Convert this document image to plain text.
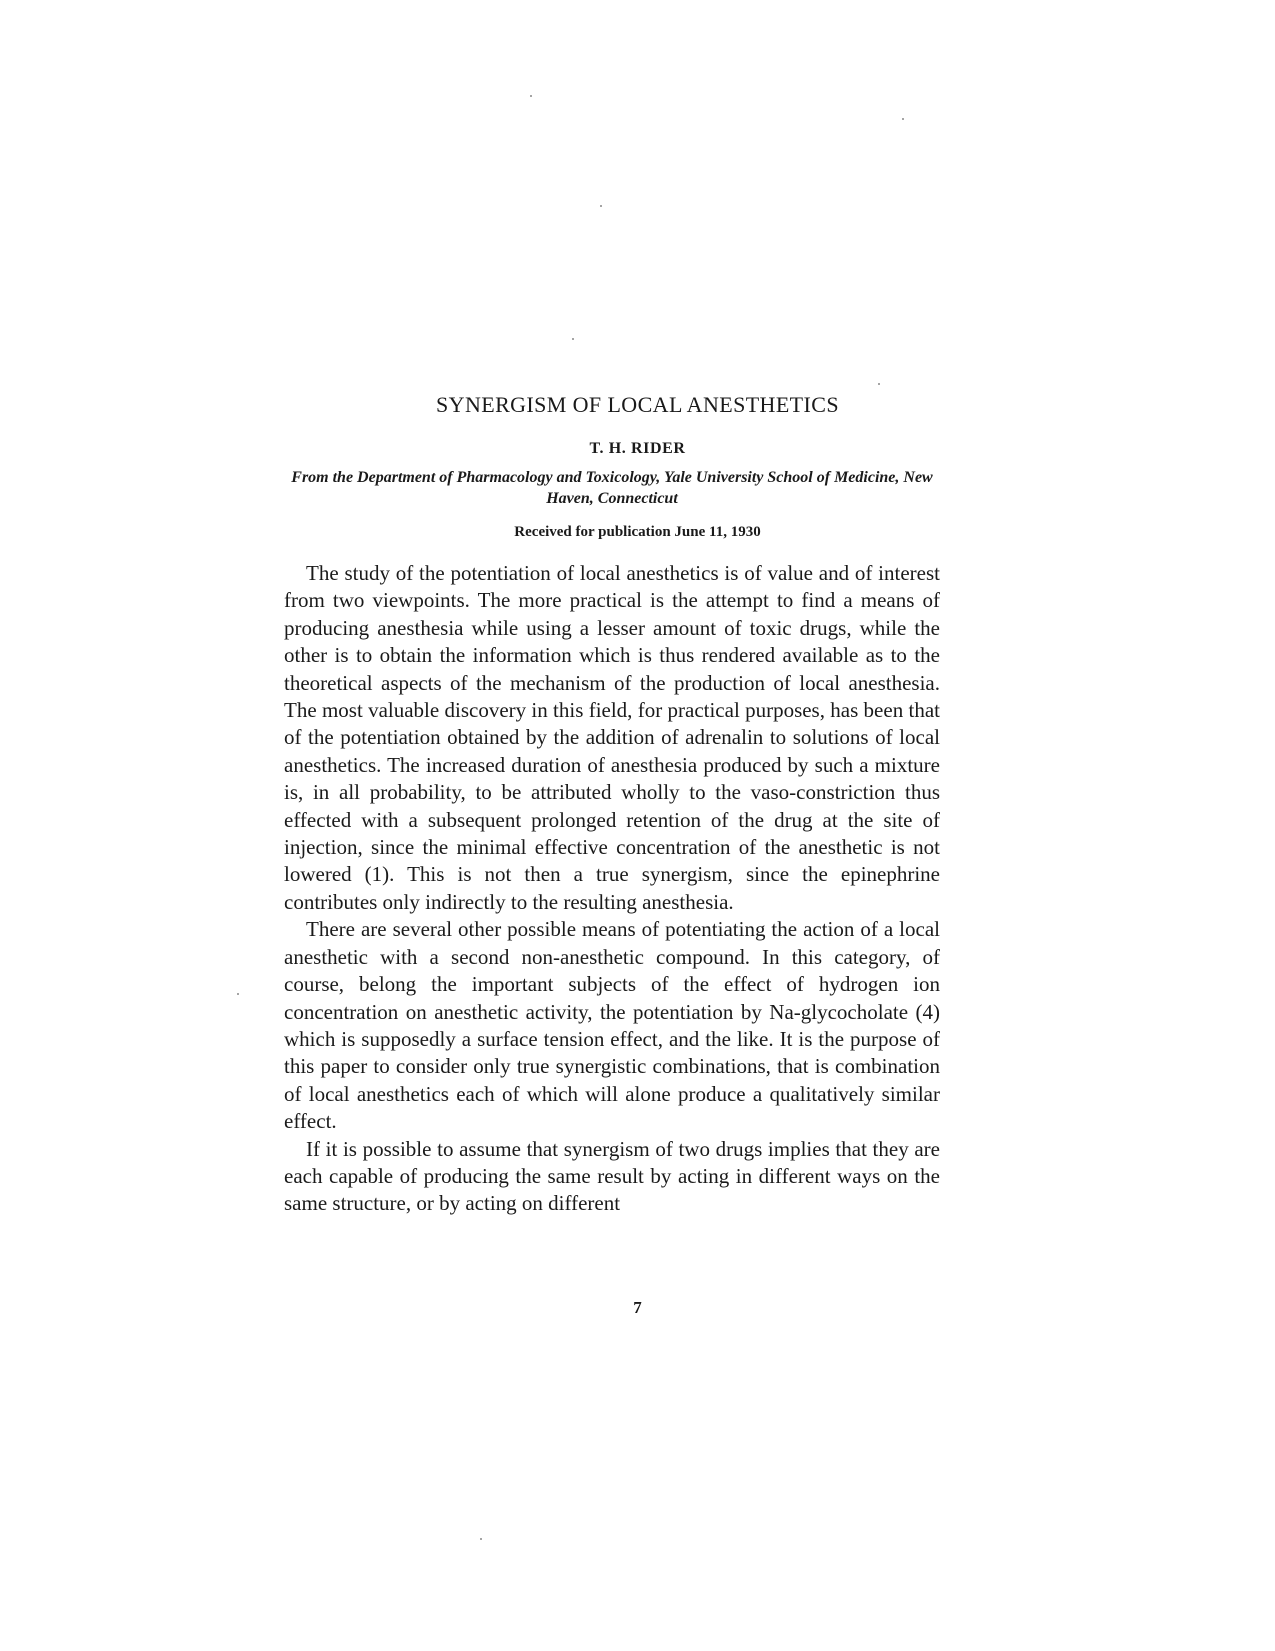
SYNERGISM OF LOCAL ANESTHETICS
T. H. RIDER
From the Department of Pharmacology and Toxicology, Yale University School of Medicine, New Haven, Connecticut
Received for publication June 11, 1930

The study of the potentiation of local anesthetics is of value and of interest from two viewpoints. The more practical is the attempt to find a means of producing anesthesia while using a lesser amount of toxic drugs, while the other is to obtain the information which is thus rendered available as to the theoretical aspects of the mechanism of the production of local anesthesia. The most valuable discovery in this field, for practical purposes, has been that of the potentiation obtained by the addition of adrenalin to solutions of local anesthetics. The increased duration of anesthesia produced by such a mixture is, in all probability, to be attributed wholly to the vaso-constriction thus effected with a subsequent prolonged retention of the drug at the site of injection, since the minimal effective concentration of the anesthetic is not lowered (1). This is not then a true synergism, since the epinephrine contributes only indirectly to the resulting anesthesia.

There are several other possible means of potentiating the action of a local anesthetic with a second non-anesthetic compound. In this category, of course, belong the important subjects of the effect of hydrogen ion concentration on anesthetic activity, the potentiation by Na-glycocholate (4) which is supposedly a surface tension effect, and the like. It is the purpose of this paper to consider only true synergistic combinations, that is combination of local anesthetics each of which will alone produce a qualitatively similar effect.

If it is possible to assume that synergism of two drugs implies that they are each capable of producing the same result by acting in different ways on the same structure, or by acting on different

7
